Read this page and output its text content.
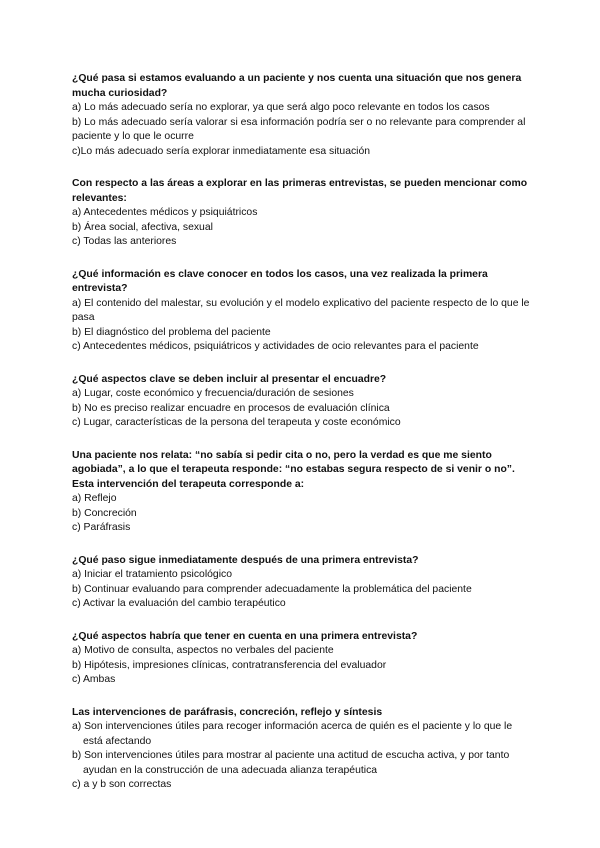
¿Qué pasa si estamos evaluando a un paciente y nos cuenta una situación que nos genera mucha curiosidad?

a) Lo más adecuado sería no explorar, ya que será algo poco relevante en todos los casos

b) Lo más adecuado sería valorar si esa información podría ser o no relevante para comprender al paciente y lo que le ocurre

c)Lo más adecuado sería explorar inmediatamente esa situación

Con respecto a las áreas a explorar en las primeras entrevistas, se pueden mencionar como relevantes:

a) Antecedentes médicos y psiquiátricos

b) Área social, afectiva, sexual

c) Todas las anteriores

¿Qué información es clave conocer en todos los casos, una vez realizada la primera entrevista?

a) El contenido del malestar, su evolución y el modelo explicativo del paciente respecto de lo que le pasa

b) El diagnóstico del problema del paciente

c) Antecedentes médicos, psiquiátricos y actividades de ocio relevantes para el paciente

¿Qué aspectos clave se deben incluir al presentar el encuadre?

a) Lugar, coste económico y frecuencia/duración de sesiones

b) No es preciso realizar encuadre en procesos de evaluación clínica

c) Lugar, características de la persona del terapeuta y coste económico

Una paciente nos relata: “no sabía si pedir cita o no, pero la verdad es que me siento agobiada”, a lo que el terapeuta responde: “no estabas segura respecto de si venir o no”. Esta intervención del terapeuta corresponde a:

a) Reflejo

b) Concreción

c) Paráfrasis

¿Qué paso sigue inmediatamente después de una primera entrevista?

a) Iniciar el tratamiento psicológico

b) Continuar evaluando para comprender adecuadamente la problemática del paciente

c) Activar la evaluación del cambio terapéutico

¿Qué aspectos habría que tener en cuenta en una primera entrevista?

a) Motivo de consulta, aspectos no verbales del paciente

b) Hipótesis, impresiones clínicas, contratransferencia del evaluador

c) Ambas

Las intervenciones de paráfrasis, concreción, reflejo y síntesis

a) Son intervenciones útiles para recoger información acerca de quién es el paciente y lo que le está afectando

b) Son intervenciones útiles para mostrar al paciente una actitud de escucha activa, y por tanto ayudan en la construcción de una adecuada alianza terapéutica

c) a y b son correctas
